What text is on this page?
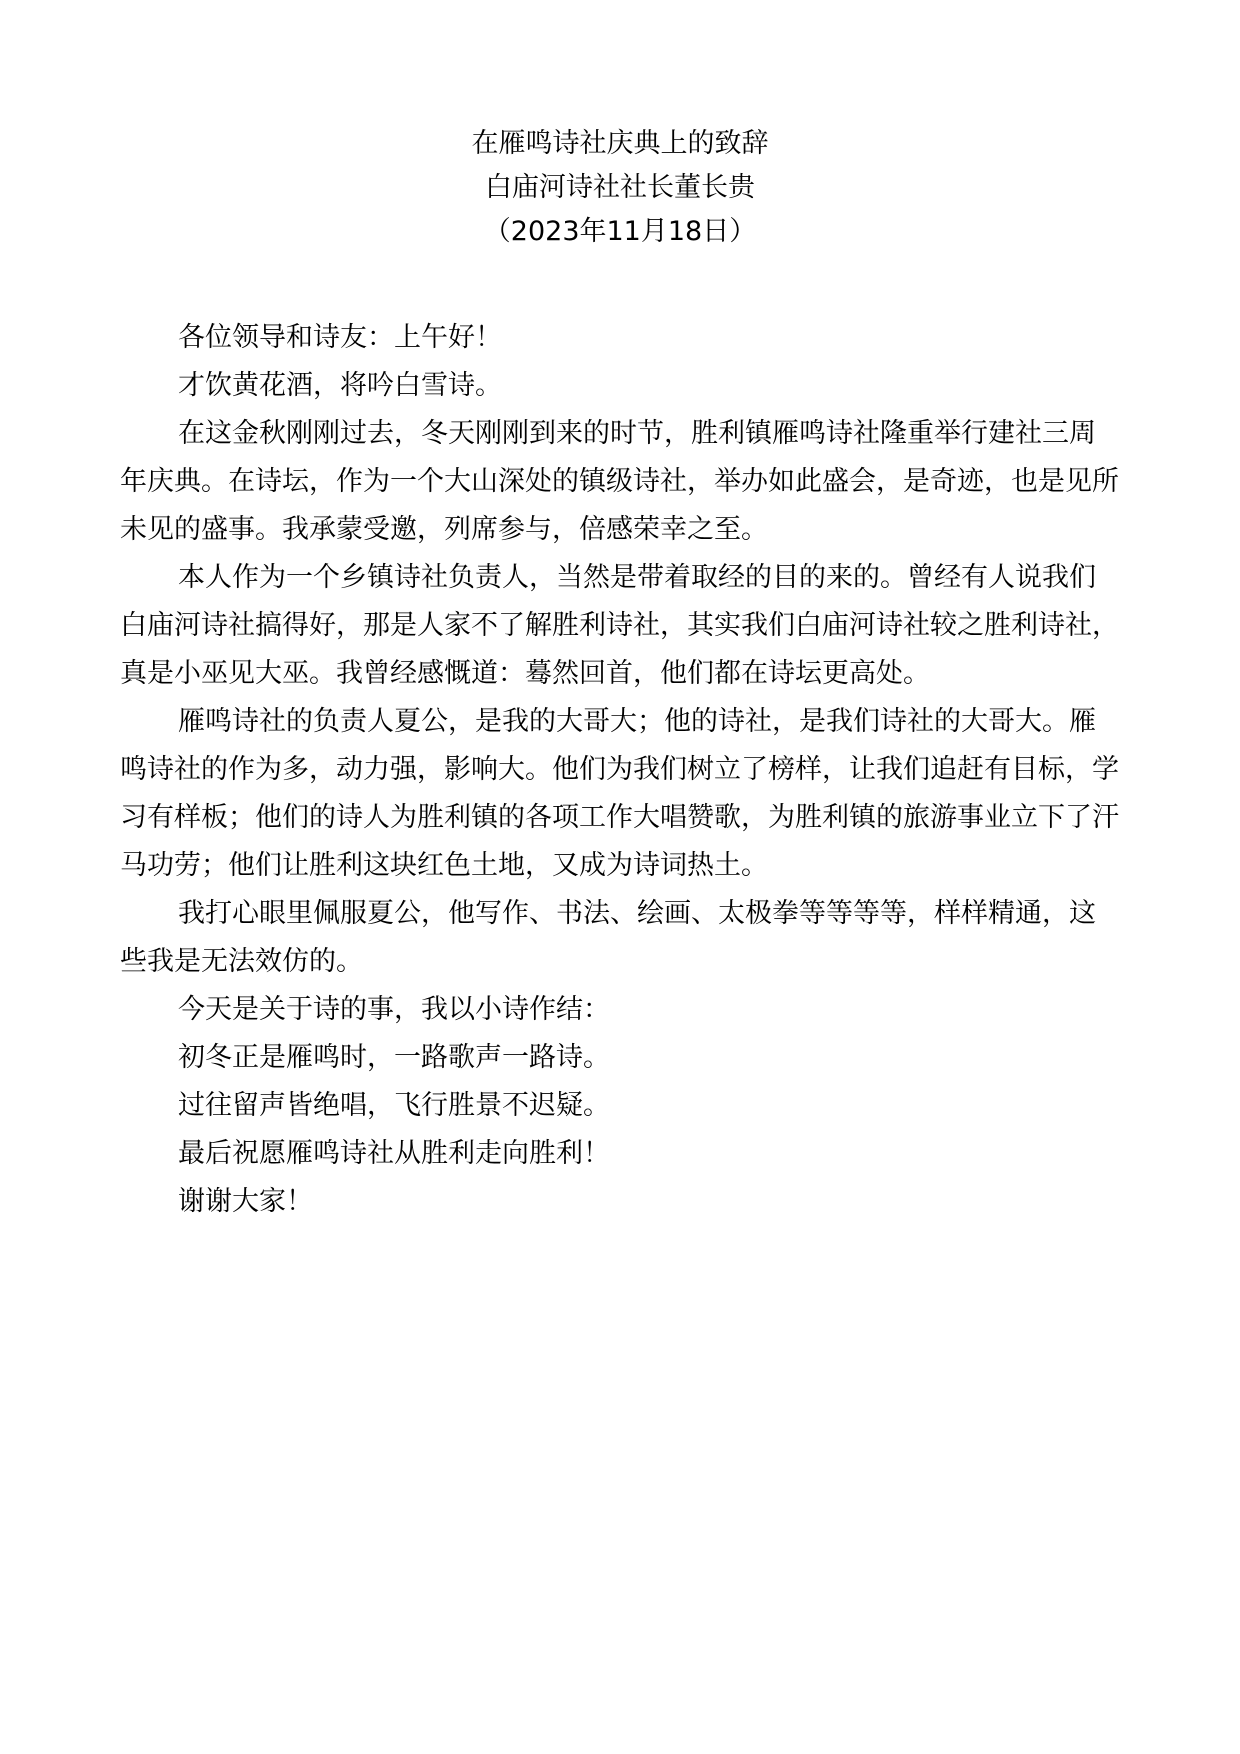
在雁鸣诗社庆典上的致辞

白庙河诗社社长董长贵

（2023年11月18日）

各位领导和诗友：上午好！

才饮黄花酒，将吟白雪诗。

在这金秋刚刚过去，冬天刚刚到来的时节，胜利镇雁鸣诗社隆重举行建社三周年庆典。在诗坛，作为一个大山深处的镇级诗社，举办如此盛会，是奇迹，也是见所未见的盛事。我承蒙受邀，列席参与，倍感荣幸之至。

本人作为一个乡镇诗社负责人，当然是带着取经的目的来的。曾经有人说我们白庙河诗社搞得好，那是人家不了解胜利诗社，其实我们白庙河诗社较之胜利诗社，真是小巫见大巫。我曾经感慨道：蓦然回首，他们都在诗坛更高处。

雁鸣诗社的负责人夏公，是我的大哥大；他的诗社，是我们诗社的大哥大。雁鸣诗社的作为多，动力强，影响大。他们为我们树立了榜样，让我们追赶有目标，学习有样板；他们的诗人为胜利镇的各项工作大唱赞歌，为胜利镇的旅游事业立下了汗马功劳；他们让胜利这块红色土地，又成为诗词热土。

我打心眼里佩服夏公，他写作、书法、绘画、太极拳等等等等，样样精通，这些我是无法效仿的。

今天是关于诗的事，我以小诗作结：

初冬正是雁鸣时，一路歌声一路诗。

过往留声皆绝唱，飞行胜景不迟疑。

最后祝愿雁鸣诗社从胜利走向胜利！

谢谢大家！
